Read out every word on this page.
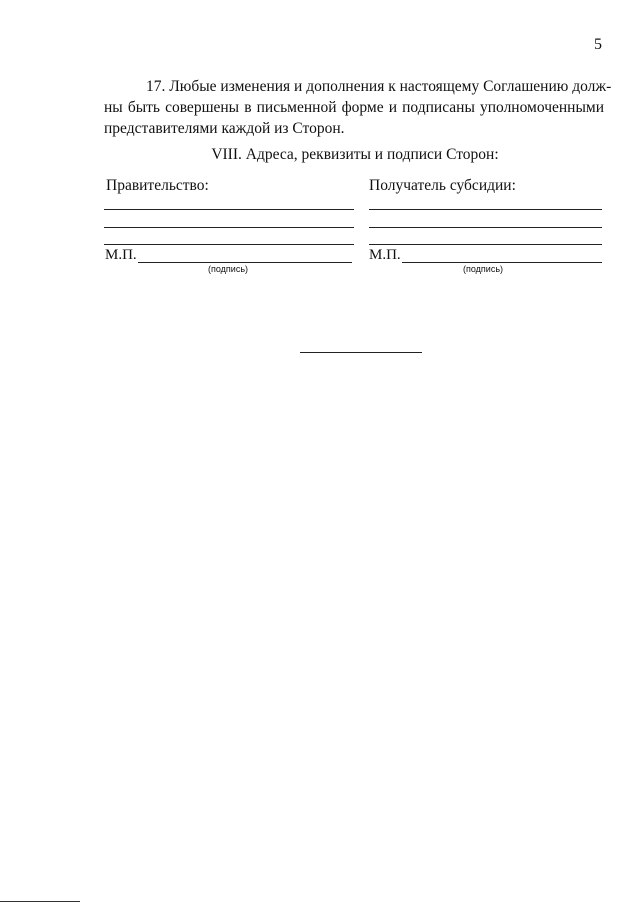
5
17. Любые изменения и дополнения к настоящему Соглашению долж-
ны быть совершены в письменной форме и подписаны уполномоченными
представителями каждой из Сторон.
VIII. Адреса, реквизиты и подписи Сторон:
Правительство:
М.П.
(подпись)
Получатель субсидии:
М.П.
(подпись)
